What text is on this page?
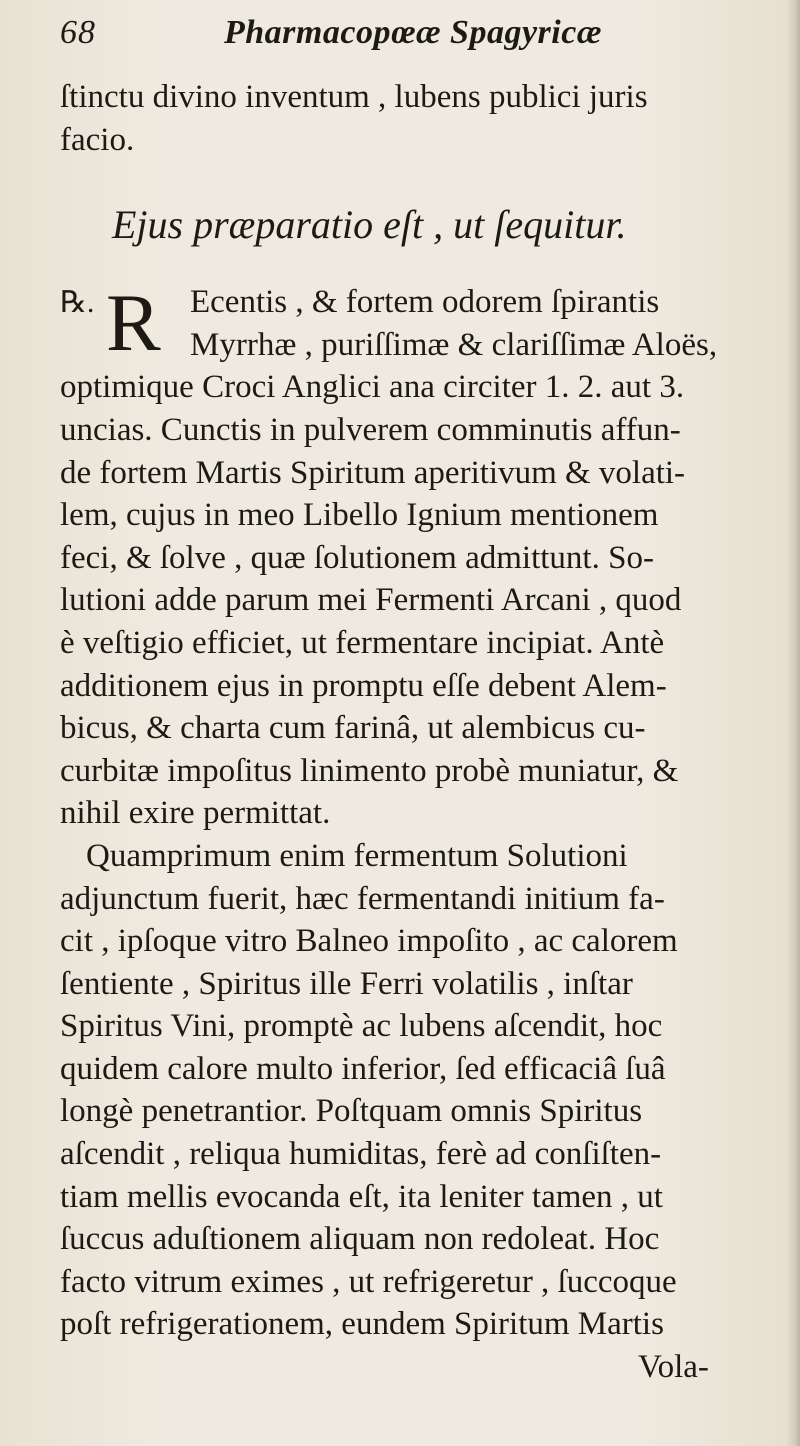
68	Pharmacopœæ Spagyricæ
ſtinctu divino inventum , lubens publici juris
facio.
Ejus præparatio eſt , ut ſequitur.
℞. R Ecentis , & fortem odorem ſpirantis
Myrrhæ , puriſſimæ & clariſſimæ Aloës,
optimique Croci Anglici ana circiter 1. 2. aut 3.
uncias. Cunctis in pulverem comminutis affun-
de fortem Martis Spiritum aperitivum & volati-
lem, cujus in meo Libello Ignium mentionem
feci, & ſolve , quæ ſolutionem admittunt. So-
lutioni adde parum mei Fermenti Arcani , quod
è veſtigio efficiet, ut fermentare incipiat. Antè
additionem ejus in promptu eſſe debent Alem-
bicus, & charta cum farinâ, ut alembicus cu-
curbitæ impoſitus linimento probè muniatur, &
nihil exire permittat.
Quamprimum enim fermentum Solutioni
adjunctum fuerit, hæc fermentandi initium fa-
cit , ipſoque vitro Balneo impoſito , ac calorem
ſentiente , Spiritus ille Ferri volatilis , inſtar
Spiritus Vini, promptè ac lubens aſcendit, hoc
quidem calore multo inferior, ſed efficaciâ ſuâ
longè penetrantior. Poſtquam omnis Spiritus
aſcendit , reliqua humiditas, ferè ad conſiſten-
tiam mellis evocanda eſt, ita leniter tamen , ut
ſuccus aduſtionem aliquam non redoleat. Hoc
facto vitrum eximes , ut refrigeretur , ſuccoque
poſt refrigerationem, eundem Spiritum Martis
Vola-
